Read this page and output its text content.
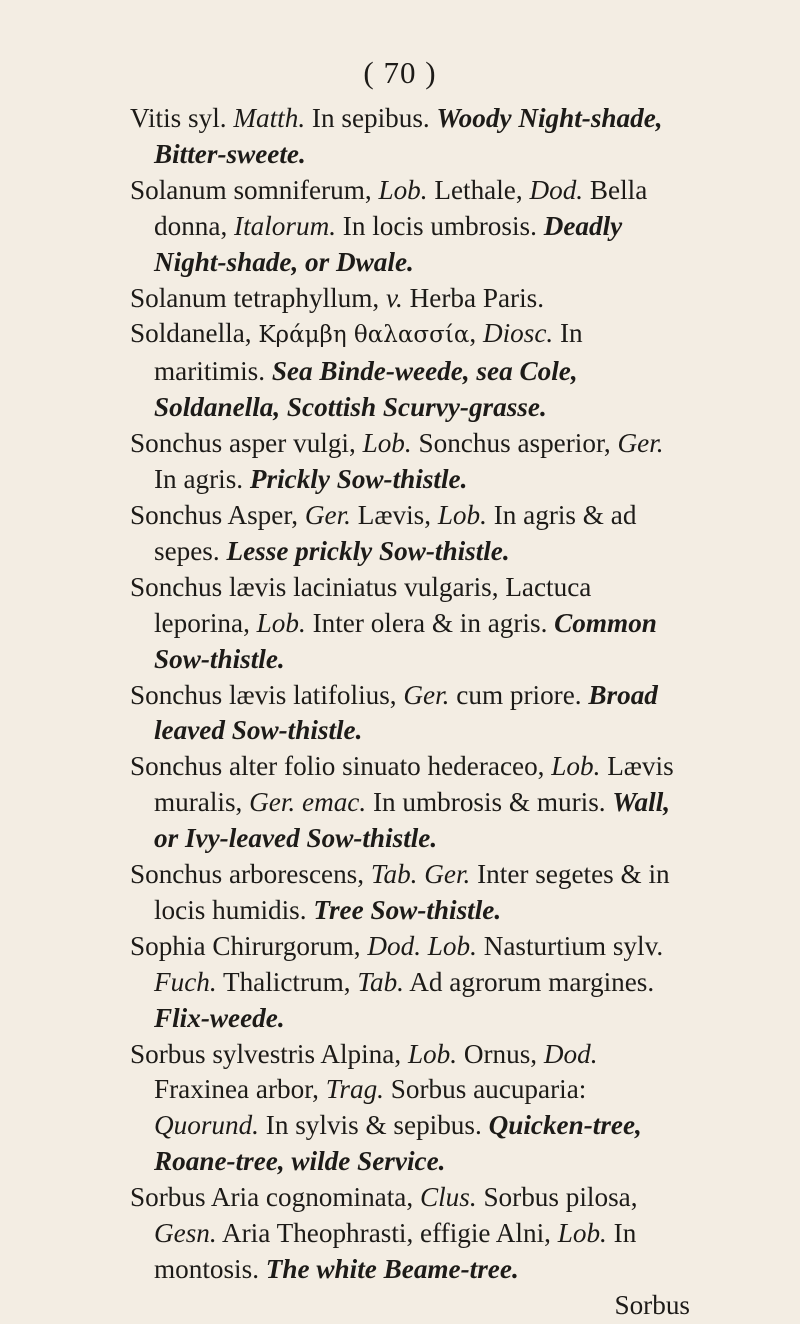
( 70 )
Vitis syl. Matth. In sepibus. Woody Night-shade, Bitter-sweete.
Solanum somniferum, Lob. Lethale, Dod. Bella donna, Italorum. In locis umbrosis. Deadly Night-shade, or Dwale.
Solanum tetraphyllum, v. Herba Paris.
Soldanella, Κράμβη θαλασσία, Diosc. In maritimis. Sea Binde-weede, sea Cole, Soldanella, Scottish Scurvy-grasse.
Sonchus asper vulgi, Lob. Sonchus asperior, Ger. In agris. Prickly Sow-thistle.
Sonchus Asper, Ger. Lævis, Lob. In agris & ad sepes. Lesse prickly Sow-thistle.
Sonchus lævis laciniatus vulgaris, Lactuca leporina, Lob. Inter olera & in agris. Common Sow-thistle.
Sonchus lævis latifolius, Ger. cum priore. Broad leaved Sow-thistle.
Sonchus alter folio sinuato hederaceo, Lob. Lævis muralis, Ger. emac. In umbrosis & muris. Wall, or Ivy-leaved Sow-thistle.
Sonchus arborescens, Tab. Ger. Inter segetes & in locis humidis. Tree Sow-thistle.
Sophia Chirurgorum, Dod. Lob. Nasturtium sylv. Fuch. Thalictrum, Tab. Ad agrorum margines. Flix-weede.
Sorbus sylvestris Alpina, Lob. Ornus, Dod. Fraxinea arbor, Trag. Sorbus aucuparia: Quorund. In sylvis & sepibus. Quicken-tree, Roane-tree, wilde Service.
Sorbus Aria cognominata, Clus. Sorbus pilosa, Gesn. Aria Theophrasti, effigie Alni, Lob. In montosis. The white Beame-tree.
Sorbus
